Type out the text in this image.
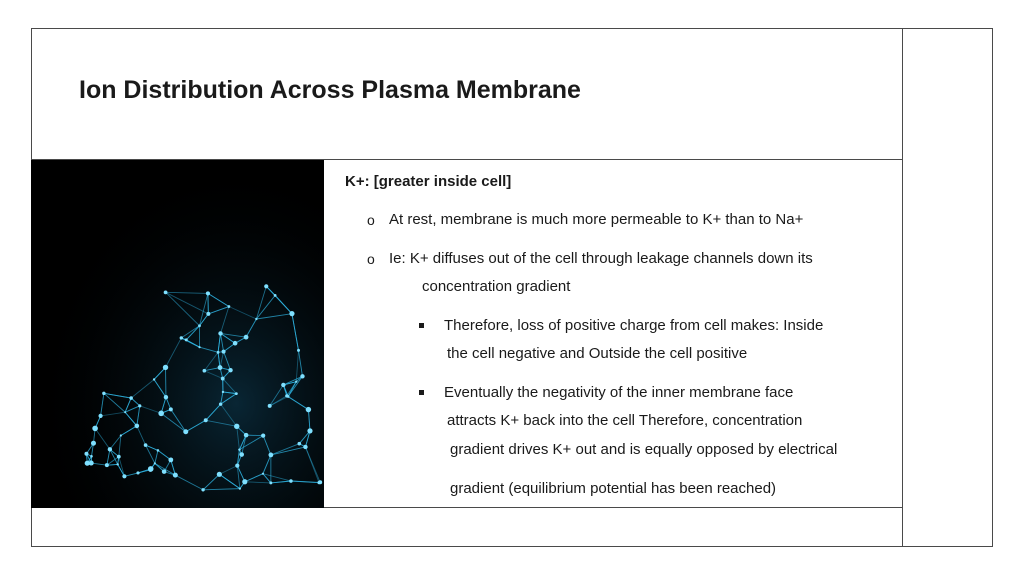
Ion Distribution Across Plasma Membrane
K+: [greater inside cell]
o At rest, membrane is much more permeable to K+ than to Na+
o Ie: K+ diffuses out of the cell through leakage channels down its
concentration gradient
Therefore, loss of positive charge from cell makes: Inside
the cell negative and Outside the cell positive
Eventually the negativity of the inner membrane face
attracts K+ back into the cell Therefore, concentration
gradient drives K+ out and is equally opposed by electrical
gradient (equilibrium potential has been reached)
